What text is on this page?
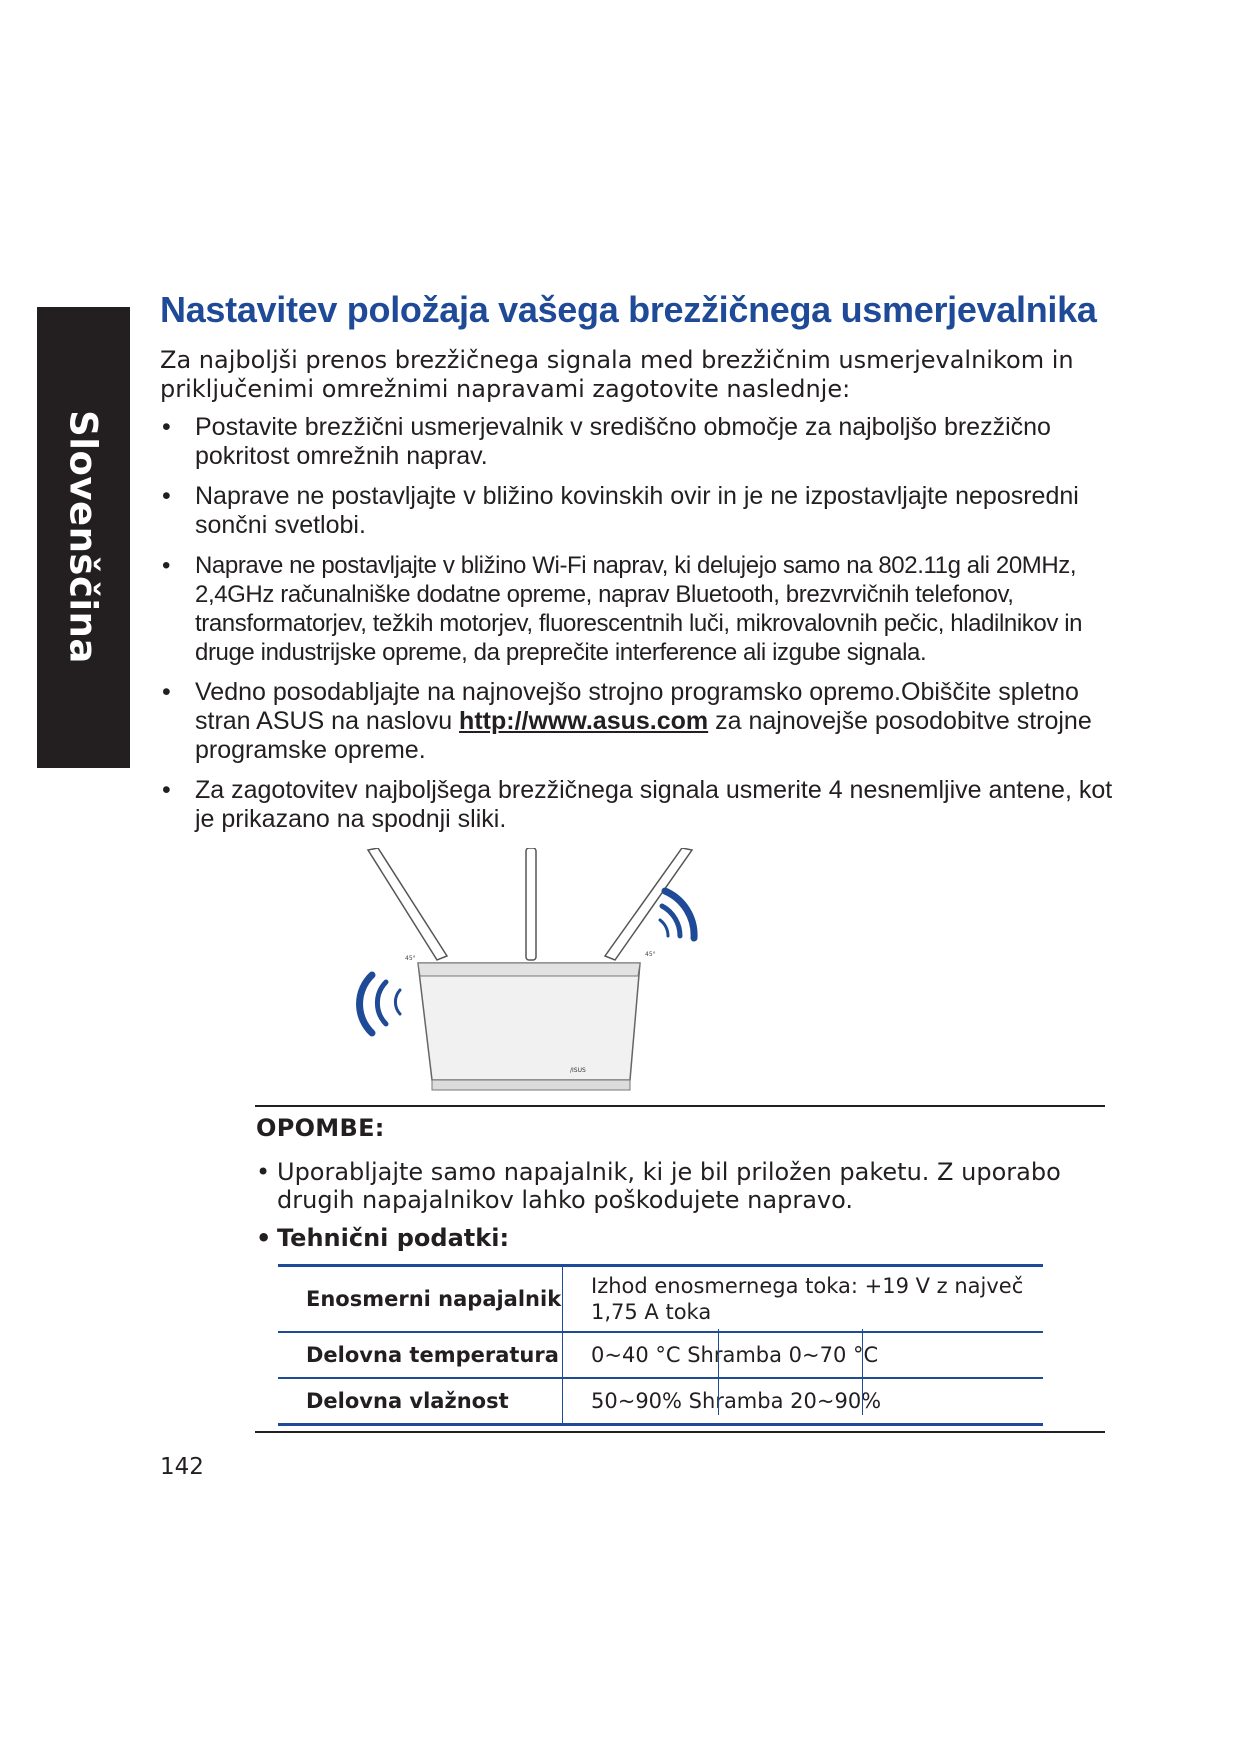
Slovenščina
Nastavitev položaja vašega brezžičnega usmerjevalnika

Za najboljši prenos brezžičnega signala med brezžičnim usmerjevalnikom in priključenimi omrežnimi napravami zagotovite naslednje:

• Postavite brezžični usmerjevalnik v središčno območje za najboljšo brezžično pokritost omrežnih naprav.
• Naprave ne postavljajte v bližino kovinskih ovir in je ne izpostavljajte neposredni sončni svetlobi.
• Naprave ne postavljajte v bližino Wi-Fi naprav, ki delujejo samo na 802.11g ali 20MHz, 2,4GHz računalniške dodatne opreme, naprav Bluetooth, brezvrvičnih telefonov, transformatorjev, težkih motorjev, fluorescentnih luči, mikrovalovnih pečic, hladilnikov in druge industrijske opreme, da preprečite interference ali izgube signala.
• Vedno posodabljajte na najnovejšo strojno programsko opremo.Obiščite spletno stran ASUS na naslovu http://www.asus.com za najnovejše posodobitve strojne programske opreme.
• Za zagotovitev najboljšega brezžičnega signala usmerite 4 nesnemljive antene, kot je prikazano na spodnji sliki.
45°
45°
/ISUS
OPOMBE:
• Uporabljajte samo napajalnik, ki je bil priložen paketu. Z uporabo drugih napajalnikov lahko poškodujete napravo.
• Tehnični podatki:
Enosmerni napajalnik	Izhod enosmernega toka: +19 V z največ 1,75 A toka
Delovna temperatura	0~40 °C Shramba 0~70 °C
Delovna vlažnost	50~90% Shramba 20~90%

142
